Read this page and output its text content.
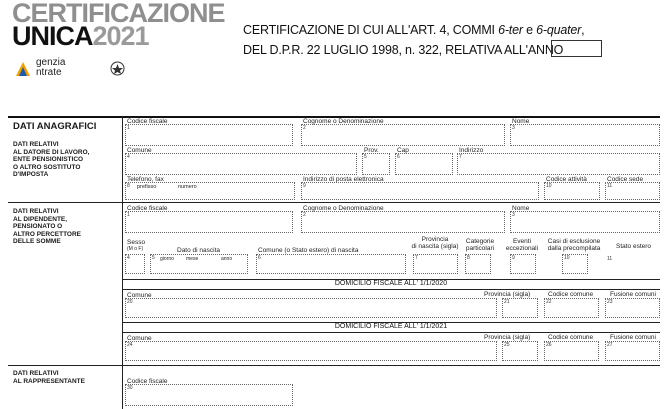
CERTIFICAZIONE
UNICA2021
genzia
ntrate
CERTIFICAZIONE DI CUI ALL'ART. 4, COMMI 6-ter e 6-quater,
DEL D.P.R. 22 LUGLIO 1998, n. 322, RELATIVA ALL'ANNO
DATI ANAGRAFICI
DATI RELATIVI
AL DATORE DI LAVORO,
ENTE PENSIONISTICO
O ALTRO SOSTITUTO
D'IMPOSTA
DATI RELATIVI
AL DIPENDENTE,
PENSIONATO O
ALTRO PERCETTORE
DELLE SOMME
DATI RELATIVI
AL RAPPRESENTANTE
Codice fiscale
1
Cognome o Denominazione
2
Nome
3
Comune
4
Prov.
5
Cap
6
Indirizzo
7
Telefono, fax
8 prefisso	numero
Indirizzo di posta elettronica
9
Codice attività
10
Codice sede
11
Codice fiscale
1
Cognome o Denominazione
2
Nome
3
Sesso
(M o F)
4
Dato di nascita
5 giorno mese	anno
Comune (o Stato estero) di nascita
6
Provincia
di nascita (sigla)
7
Categorie
particolari
8
Eventi
eccezionali
9
Casi di esclusione
dalla precompilata
10
Stato estero
11
DOMICILIO FISCALE ALL' 1/1/2020
Comune
20
Provincia (sigla)
21
Codice comune
22
Fusione comuni
23
DOMICILIO FISCALE ALL' 1/1/2021
Comune
24
Provincia (sigla)
25
Codice comune
26
Fusione comuni
27
Codice fiscale
30
